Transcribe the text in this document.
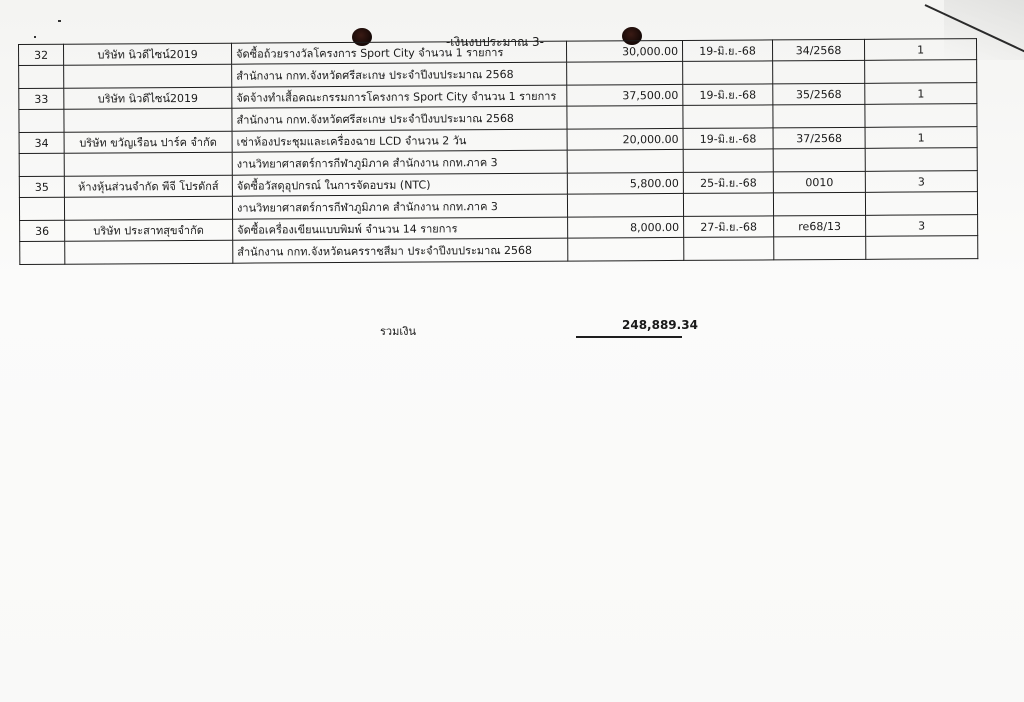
-เงินงบประมาณ 3-
32	บริษัท นิวดีไซน์2019	จัดซื้อถ้วยรางวัลโครงการ Sport City จำนวน 1 รายการ	30,000.00	19-มิ.ย.-68	34/2568	1
		สำนักงาน กกท.จังหวัดศรีสะเกษ ประจำปีงบประมาณ 2568				
33	บริษัท นิวดีไซน์2019	จัดจ้างทำเสื้อคณะกรรมการโครงการ Sport City จำนวน 1 รายการ	37,500.00	19-มิ.ย.-68	35/2568	1
		สำนักงาน กกท.จังหวัดศรีสะเกษ ประจำปีงบประมาณ 2568				
34	บริษัท ขวัญเรือน ปาร์ค จำกัด	เช่าห้องประชุมและเครื่องฉาย LCD จำนวน 2 วัน	20,000.00	19-มิ.ย.-68	37/2568	1
		งานวิทยาศาสตร์การกีฬาภูมิภาค สำนักงาน กกท.ภาค 3				
35	ห้างหุ้นส่วนจำกัด พีจี โปรดักส์	จัดซื้อวัสดุอุปกรณ์ ในการจัดอบรม (NTC)	5,800.00	25-มิ.ย.-68	0010	3
		งานวิทยาศาสตร์การกีฬาภูมิภาค สำนักงาน กกท.ภาค 3				
36	บริษัท ประสาทสุขจำกัด	จัดซื้อเครื่องเขียนแบบพิมพ์ จำนวน 14 รายการ	8,000.00	27-มิ.ย.-68	re68/13	3
		สำนักงาน กกท.จังหวัดนครราชสีมา ประจำปีงบประมาณ 2568				
รวมเงิน	248,889.34
